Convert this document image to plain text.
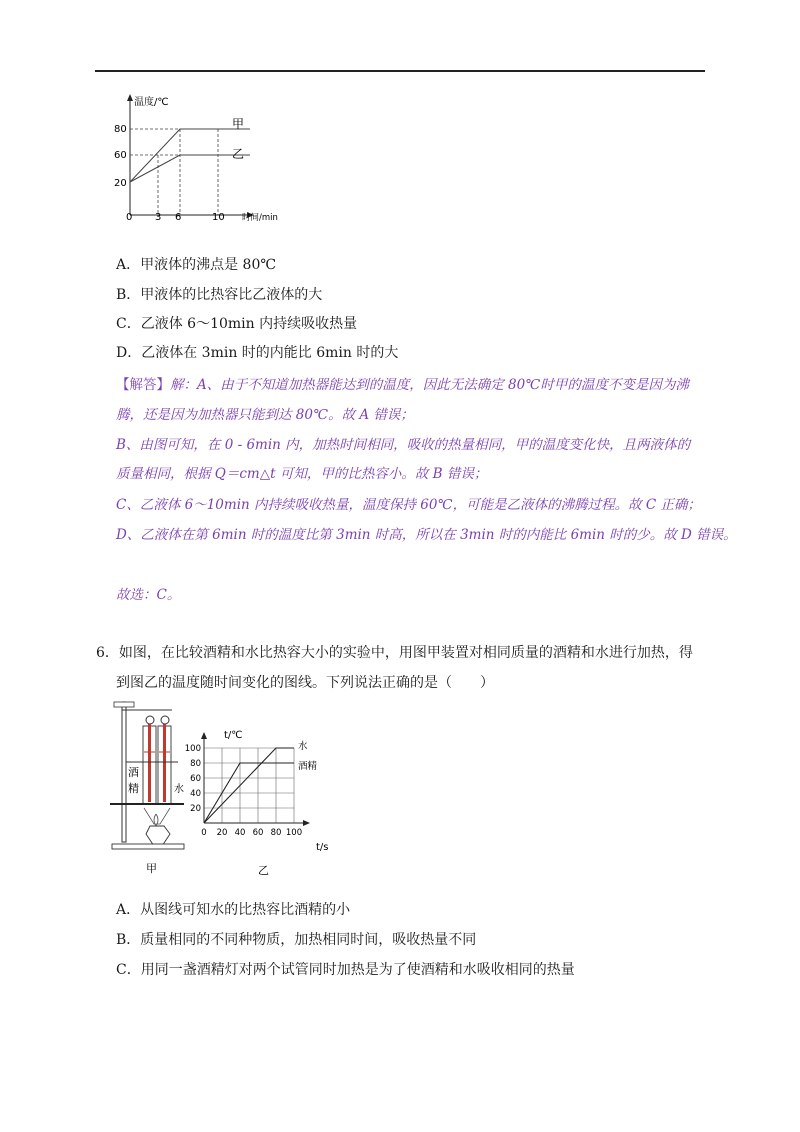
温度/℃
时间/min
80
60
20
0 3 6	10
甲
乙
A．甲液体的沸点是 80℃
B．甲液体的比热容比乙液体的大
C．乙液体 6～10min 内持续吸收热量
D．乙液体在 3min 时的内能比 6min 时的大
【解答】解：A、由于不知道加热器能达到的温度，因此无法确定 80℃时甲的温度不变是因为沸
腾，还是因为加热器只能到达 80℃。故 A 错误；
B、由图可知，在 0 - 6min 内，加热时间相同，吸收的热量相同，甲的温度变化快，且两液体的
质量相同，根据 Q＝cm△t 可知，甲的比热容小。故 B 错误；
C、乙液体 6～10min 内持续吸收热量，温度保持 60℃，可能是乙液体的沸腾过程。故 C 正确；
D、乙液体在第 6min 时的温度比第 3min 时高，所以在 3min 时的内能比 6min 时的少。故 D 错误。
故选：C。
6．如图，在比较酒精和水比热容大小的实验中，用图甲装置对相同质量的酒精和水进行加热，得
到图乙的温度随时间变化的图线。下列说法正确的是（　　）
酒
精	水
甲
t/℃
t/s
乙
100
80
60
40
20
0 20 40 60 80 100
水
酒精
A．从图线可知水的比热容比酒精的小
B．质量相同的不同种物质，加热相同时间，吸收热量不同
C．用同一盏酒精灯对两个试管同时加热是为了使酒精和水吸收相同的热量
